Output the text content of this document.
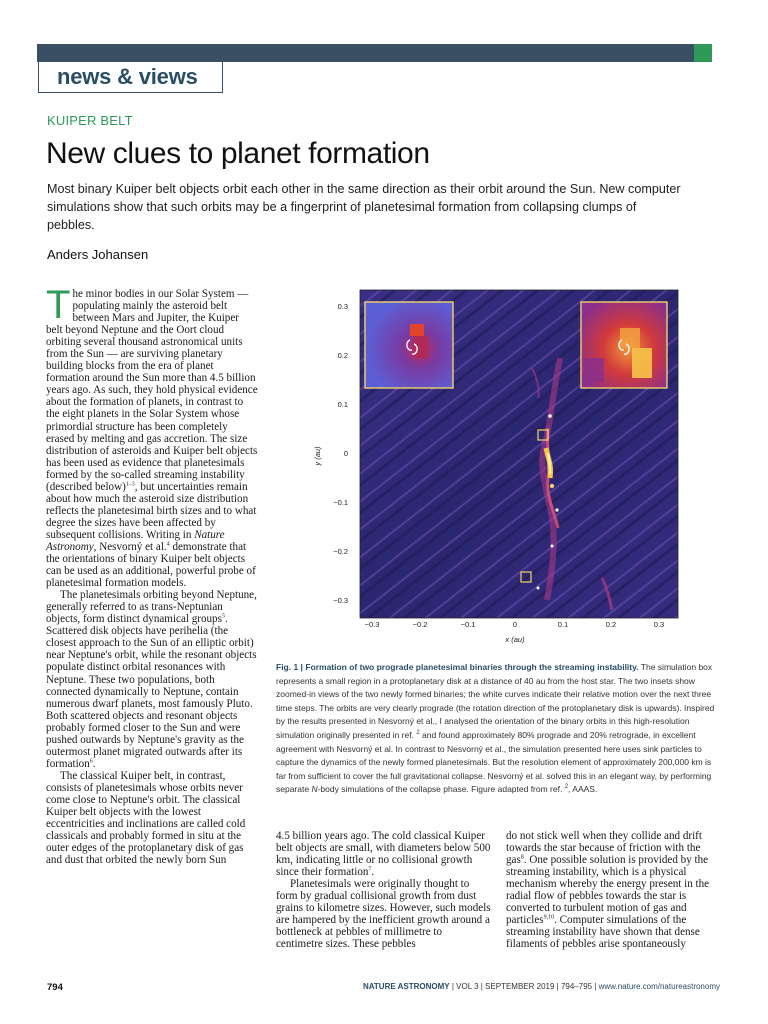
news & views
KUIPER BELT
New clues to planet formation
Most binary Kuiper belt objects orbit each other in the same direction as their orbit around the Sun. New computer simulations show that such orbits may be a fingerprint of planetesimal formation from collapsing clumps of pebbles.
Anders Johansen

The minor bodies in our Solar System — populating mainly the asteroid belt between Mars and Jupiter, the Kuiper belt beyond Neptune and the Oort cloud orbiting several thousand astronomical units from the Sun — are surviving planetary building blocks from the era of planet formation around the Sun more than 4.5 billion years ago. As such, they hold physical evidence about the formation of planets, in contrast to the eight planets in the Solar System whose primordial structure has been completely erased by melting and gas accretion. The size distribution of asteroids and Kuiper belt objects has been used as evidence that planetesimals formed by the so-called streaming instability (described below)$^{1-3}$, but uncertainties remain about how much the asteroid size distribution reflects the planetesimal birth sizes and to what degree the sizes have been affected by subsequent collisions. Writing in Nature Astronomy, Nesvorný et al.$^4$ demonstrate that the orientations of binary Kuiper belt objects can be used as an additional, powerful probe of planetesimal formation models.

The planetesimals orbiting beyond Neptune, generally referred to as trans-Neptunian objects, form distinct dynamical groups$^5$. Scattered disk objects have perihelia (the closest approach to the Sun of an elliptic orbit) near Neptune's orbit, while the resonant objects populate distinct orbital resonances with Neptune. These two populations, both connected dynamically to Neptune, contain numerous dwarf planets, most famously Pluto. Both scattered objects and resonant objects probably formed closer to the Sun and were pushed outwards by Neptune's gravity as the outermost planet migrated outwards after its formation$^6$.

The classical Kuiper belt, in contrast, consists of planetesimals whose orbits never come close to Neptune's orbit. The classical Kuiper belt objects with the lowest eccentricities and inclinations are called cold classicals and probably formed in situ at the outer edges of the protoplanetary disk of gas and dust that orbited the newly born Sun

0.3
0.2
0.1
0
−0.1
−0.2
−0.3
y (au)
−0.3	−0.2	−0.1	0	0.1	0.2	0.3
x (au)
Fig. 1 | Formation of two prograde planetesimal binaries through the streaming instability. The simulation box represents a small region in a protoplanetary disk at a distance of 40 au from the host star. The two insets show zoomed-in views of the two newly formed binaries; the white curves indicate their relative motion over the next three time steps. The orbits are very clearly prograde (the rotation direction of the protoplanetary disk is upwards). Inspired by the results presented in Nesvorný et al., I analysed the orientation of the binary orbits in this high-resolution simulation originally presented in ref. $^2$ and found approximately 80% prograde and 20% retrograde, in excellent agreement with Nesvorný et al. In contrast to Nesvorný et al., the simulation presented here uses sink particles to capture the dynamics of the newly formed planetesimals. But the resolution element of approximately 200,000 km is far from sufficient to cover the full gravitational collapse. Nesvorný et al. solved this in an elegant way, by performing separate N-body simulations of the collapse phase. Figure adapted from ref. $^2$, AAAS.

4.5 billion years ago. The cold classical Kuiper belt objects are small, with diameters below 500 km, indicating little or no collisional growth since their formation$^7$.

Planetesimals were originally thought to form by gradual collisional growth from dust grains to kilometre sizes. However, such models are hampered by the inefficient growth around a bottleneck at pebbles of millimetre to centimetre sizes. These pebbles

do not stick well when they collide and drift towards the star because of friction with the gas$^8$. One possible solution is provided by the streaming instability, which is a physical mechanism whereby the energy present in the radial flow of pebbles towards the star is converted to turbulent motion of gas and particles$^{9,10}$. Computer simulations of the streaming instability have shown that dense filaments of pebbles arise spontaneously

794	NATURE ASTRONOMY | VOL 3 | SEPTEMBER 2019 | 794–795 | www.nature.com/natureastronomy
